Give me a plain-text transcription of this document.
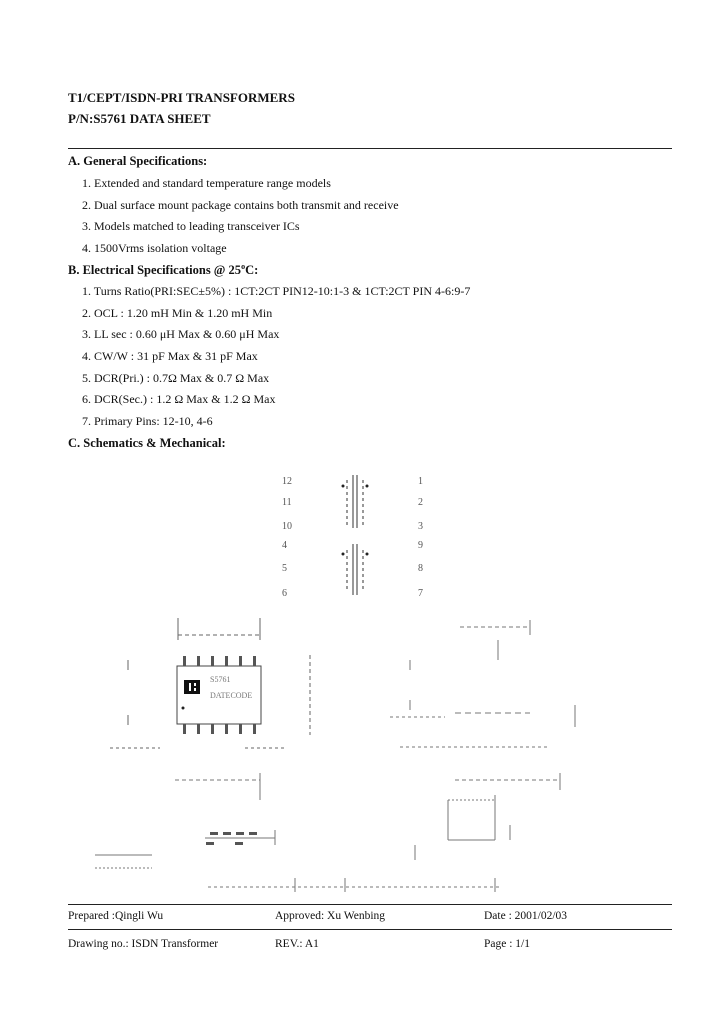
T1/CEPT/ISDN-PRI TRANSFORMERS
P/N:S5761 DATA SHEET
A. General Specifications:
1. Extended and standard temperature range models
2. Dual surface mount package contains both transmit and receive
3. Models matched to leading transceiver ICs
4. 1500Vrms isolation voltage
B. Electrical Specifications @ 25$^o$C:
1. Turns Ratio(PRI:SEC±5%) : 1CT:2CT PIN12-10:1-3 & 1CT:2CT PIN 4-6:9-7
2. OCL : 1.20 mH Min & 1.20 mH Min
3. LL sec : 0.60 μH Max & 0.60 μH Max
4. CW/W : 31 pF Max & 31 pF Max
5. DCR(Pri.) : 0.7Ω Max & 0.7 Ω Max
6. DCR(Sec.) : 1.2 Ω Max & 1.2 Ω Max
7. Primary Pins: 12-10, 4-6
C. Schematics & Mechanical:
12
11
10
4
5
6
1
2
3
9
8
7
S5761
DATECODE
Prepared :Qingli Wu	Approved: Xu Wenbing	Date : 2001/02/03
Drawing no.: ISDN Transformer	REV.: A1	Page : 1/1
